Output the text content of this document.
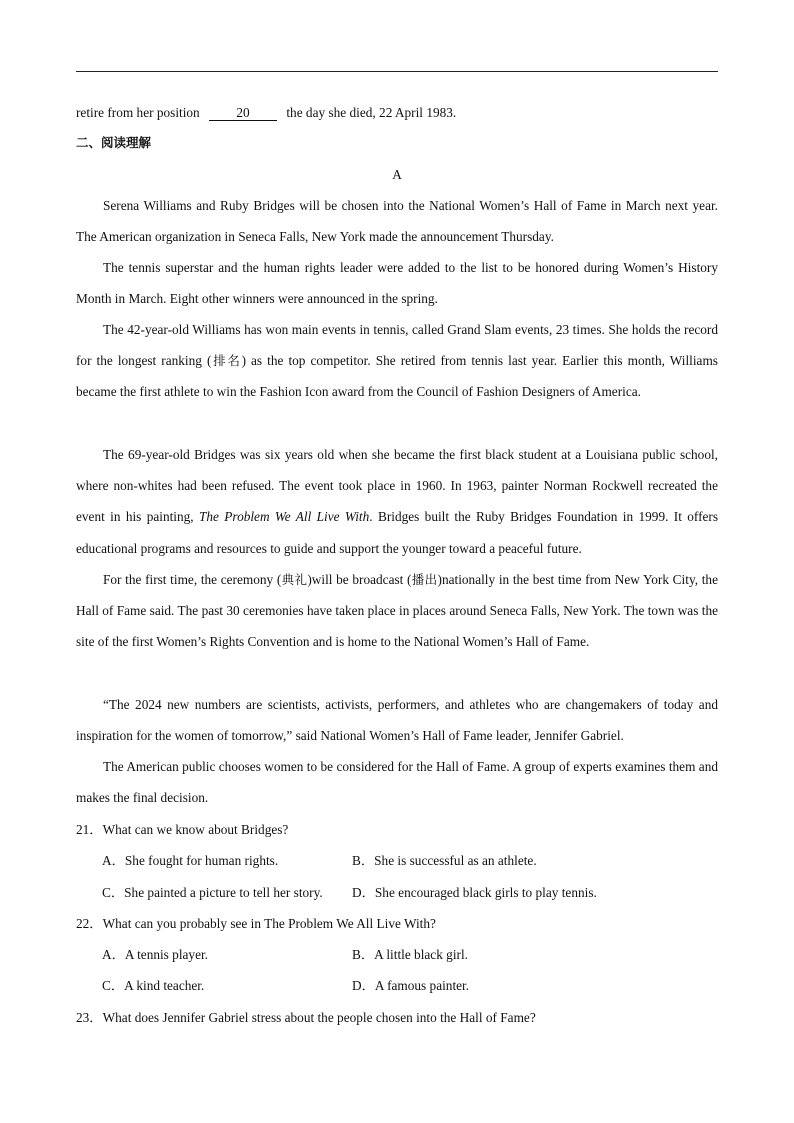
retire from her position	20	the day she died, 22 April 1983.
二、阅读理解
A
Serena Williams and Ruby Bridges will be chosen into the National Women’s Hall of Fame in March next year. The American organization in Seneca Falls, New York made the announcement Thursday.
The tennis superstar and the human rights leader were added to the list to be honored during Women’s History Month in March. Eight other winners were announced in the spring.
The 42-year-old Williams has won main events in tennis, called Grand Slam events, 23 times. She holds the record for the longest ranking (排名) as the top competitor. She retired from tennis last year. Earlier this month, Williams became the first athlete to win the Fashion Icon award from the Council of Fashion Designers of America.
The 69-year-old Bridges was six years old when she became the first black student at a Louisiana public school, where non-whites had been refused. The event took place in 1960. In 1963, painter Norman Rockwell recreated the event in his painting, The Problem We All Live With. Bridges built the Ruby Bridges Foundation in 1999. It offers educational programs and resources to guide and support the younger toward a peaceful future.
For the first time, the ceremony (典礼)will be broadcast (播出)nationally in the best time from New York City, the Hall of Fame said. The past 30 ceremonies have taken place in places around Seneca Falls, New York. The town was the site of the first Women’s Rights Convention and is home to the National Women’s Hall of Fame.
“The 2024 new numbers are scientists, activists, performers, and athletes who are changemakers of today and inspiration for the women of tomorrow,” said National Women’s Hall of Fame leader, Jennifer Gabriel.
The American public chooses women to be considered for the Hall of Fame. A group of experts examines them and makes the final decision.
21．What can we know about Bridges?
A．She fought for human rights.	B．She is successful as an athlete.
C．She painted a picture to tell her story. D．She encouraged black girls to play tennis.
22．What can you probably see in The Problem We All Live With?
A．A tennis player.	B．A little black girl.
C．A kind teacher.	D．A famous painter.
23．What does Jennifer Gabriel stress about the people chosen into the Hall of Fame?
